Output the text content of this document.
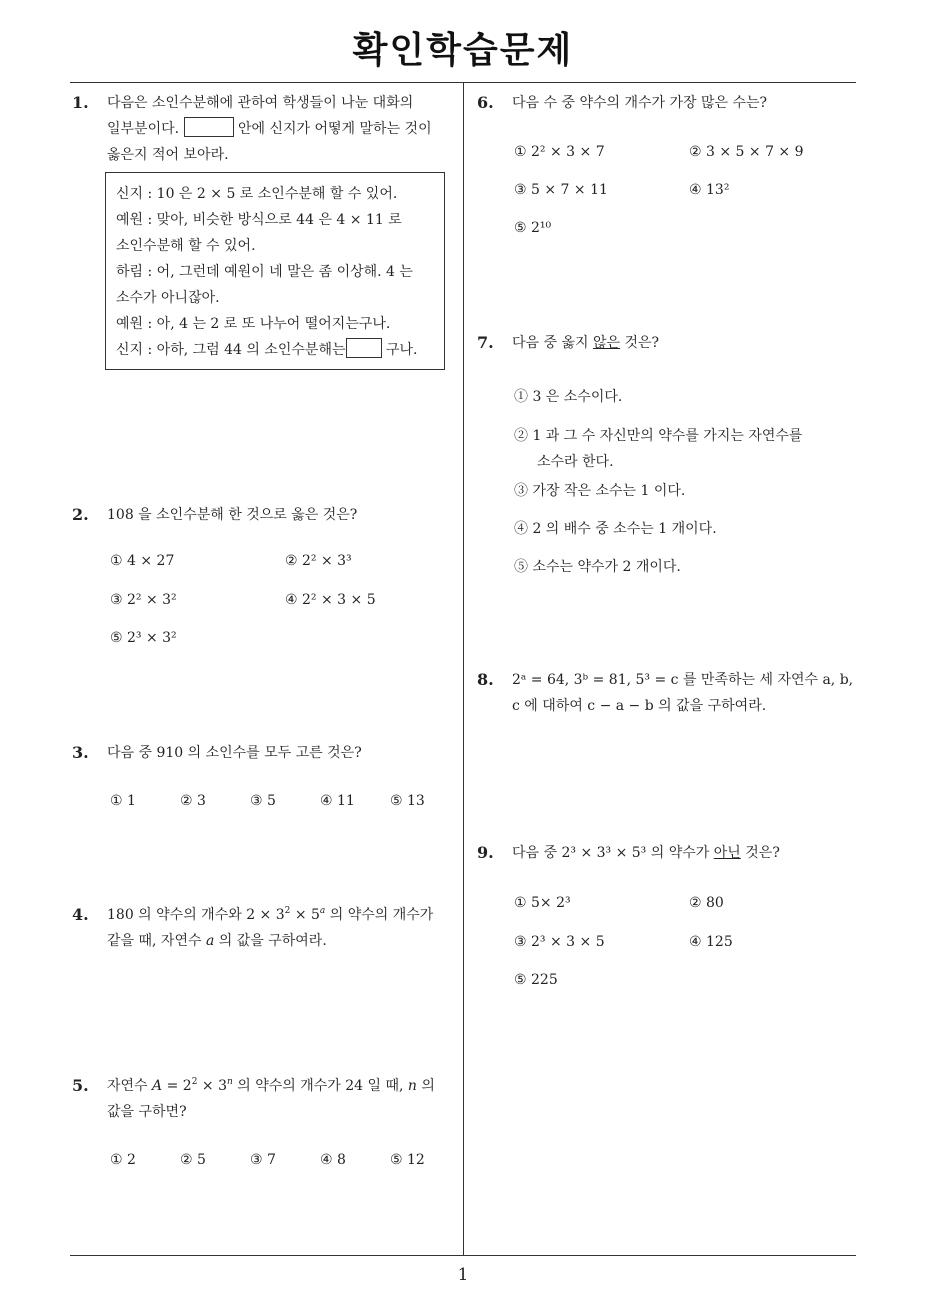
확인학습문제
1
1. 다음은 소인수분해에 관하여 학생들이 나눈 대화의
일부분이다.	안에 신지가 어떻게 말하는 것이
옳은지 적어 보아라.
신지 : 10 은 2 × 5 로 소인수분해 할 수 있어.
예원 : 맞아, 비슷한 방식으로 44 은 4 × 11 로
소인수분해 할 수 있어.
하림 : 어, 그런데 예원이 네 말은 좀 이상해. 4 는
소수가 아니잖아.
예원 : 아, 4 는 2 로 또 나누어 떨어지는구나.
신지 : 아하, 그럼 44 의 소인수분해는	구나.
2. 108 을 소인수분해 한 것으로 옳은 것은?
① 4 × 27	② 2² × 3³
③ 2² × 3²	④ 2² × 3 × 5
⑤ 2³ × 3²
3. 다음 중 910 의 소인수를 모두 고른 것은?
① 1	② 3	③ 5	④ 11	⑤ 13
4. 180 의 약수의 개수와 $2 \times 3^2 \times 5^a$ 의 약수의 개수가
같을 때, 자연수 a 의 값을 구하여라.
5. 자연수 $A = 2^2 \times 3^n$ 의 약수의 개수가 24 일 때, n 의
값을 구하면?
① 2	② 5	③ 7	④ 8	⑤ 12
6. 다음 수 중 약수의 개수가 가장 많은 수는?
① 2² × 3 × 7	② 3 × 5 × 7 × 9
③ 5 × 7 × 11	④ 13²
⑤ 2¹⁰
7. 다음 중 옳지 않은 것은?
① 3 은 소수이다.
② 1 과 그 수 자신만의 약수를 가지는 자연수를
소수라 한다.
③ 가장 작은 소수는 1 이다.
④ 2 의 배수 중 소수는 1 개이다.
⑤ 소수는 약수가 2 개이다.
8. 2ᵃ = 64, 3ᵇ = 81, 5³ = c 를 만족하는 세 자연수 a, b,
c 에 대하여 c − a − b 의 값을 구하여라.
9. 다음 중 2³ × 3³ × 5³ 의 약수가 아닌 것은?
① 5× 2³	② 80
③ 2³ × 3 × 5	④ 125
⑤ 225
